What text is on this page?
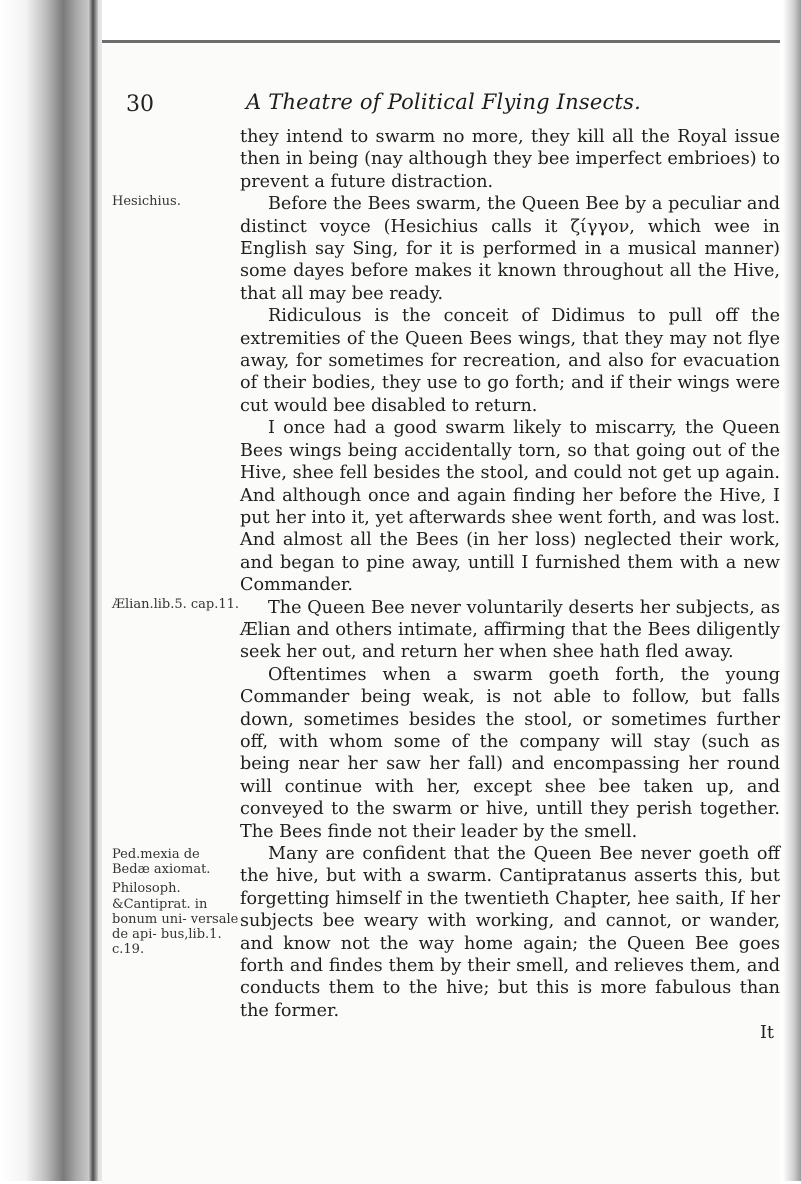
30	A Theatre of Political Flying Insects.
Hesichius.
Ælian.lib.5. cap.11.
Ped.mexia de Bedæ axiomat.
Philosoph.
&Cantiprat. in bonum uni- versale de api- bus,lib.1. c.19.

they intend to swarm no more, they kill all the Royal issue then in being (nay although they bee imperfect embrioes) to prevent a future distraction.

Before the Bees swarm, the Queen Bee by a peculiar and distinct voyce (Hesichius calls it ζίγγον, which wee in English say Sing, for it is performed in a musical manner) some dayes before makes it known throughout all the Hive, that all may bee ready.

Ridiculous is the conceit of Didimus to pull off the extremities of the Queen Bees wings, that they may not flye away, for sometimes for recreation, and also for evacuation of their bodies, they use to go forth; and if their wings were cut would bee disabled to return.

I once had a good swarm likely to miscarry, the Queen Bees wings being accidentally torn, so that going out of the Hive, shee fell besides the stool, and could not get up again. And although once and again finding her before the Hive, I put her into it, yet afterwards shee went forth, and was lost. And almost all the Bees (in her loss) neglected their work, and began to pine away, untill I furnished them with a new Commander.

The Queen Bee never voluntarily deserts her subjects, as Ælian and others intimate, affirming that the Bees diligently seek her out, and return her when shee hath fled away.

Oftentimes when a swarm goeth forth, the young Commander being weak, is not able to follow, but falls down, sometimes besides the stool, or sometimes further off, with whom some of the company will stay (such as being near her saw her fall) and encompassing her round will continue with her, except shee bee taken up, and conveyed to the swarm or hive, untill they perish together. The Bees finde not their leader by the smell.

Many are confident that the Queen Bee never goeth off the hive, but with a swarm. Cantipratanus asserts this, but forgetting himself in the twentieth Chapter, hee saith, If her subjects bee weary with working, and cannot, or wander, and know not the way home again; the Queen Bee goes forth and findes them by their smell, and relieves them, and conducts them to the hive; but this is more fabulous than the former.

It
